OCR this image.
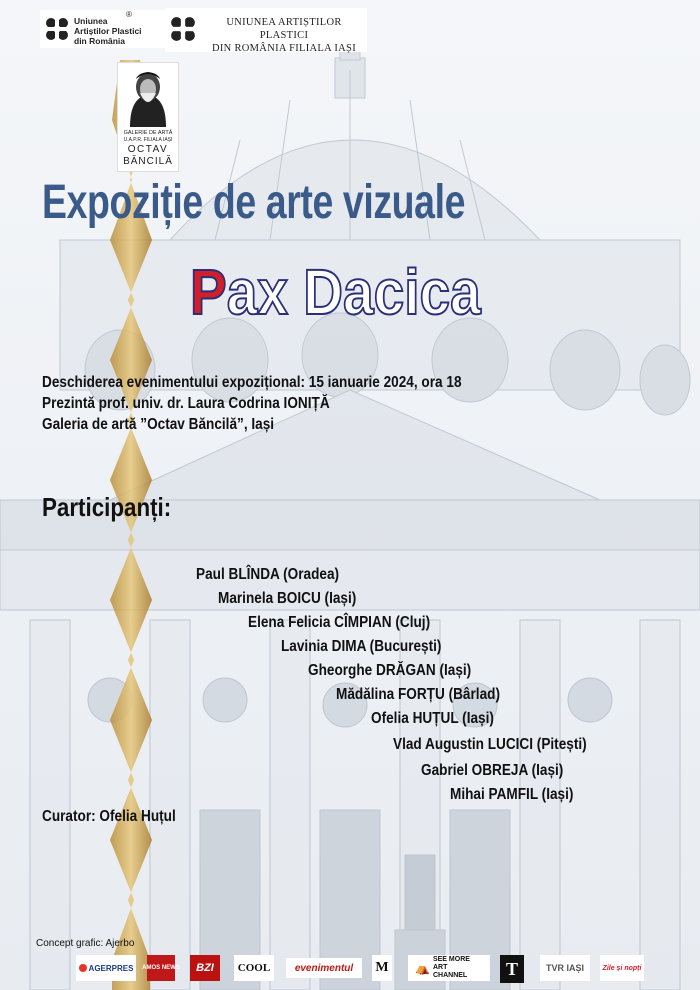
Uniunea
Artiștilor Plastici
din România
®
UNIUNEA ARTIȘTILOR PLASTICI
DIN ROMÂNIA FILIALA IAȘI
GALERIE DE ARTĂ
U.A.P.R. FILIALA IAȘI
OCTAV
BĂNCILĂ
Expoziție de arte vizuale
Pax Dacica
Deschiderea evenimentului expozițional: 15 ianuarie 2024, ora 18
Prezintă prof. univ. dr. Laura Codrina IONIȚĂ
Galeria de artă ”Octav Băncilă”, Iași
Participanți:
Paul BLÎNDA (Oradea)
Marinela BOICU (Iași)
Elena Felicia CÎMPIAN (Cluj)
Lavinia DIMA (București)
Gheorghe DRĂGAN (Iași)
Mădălina FORȚU (Bârlad)
Ofelia HUȚUL (Iași)
Vlad Augustin LUCICI (Pitești)
Gabriel OBREJA (Iași)
Mihai PAMFIL (Iași)
Curator: Ofelia Huțul
Concept grafic: Ajerbo
AGERPRES AMOS NEWS BZI COOL evenimentul M ⛺
SEE MORE ART CHANNEL	T	TVR IAȘI	Zile și nopți
